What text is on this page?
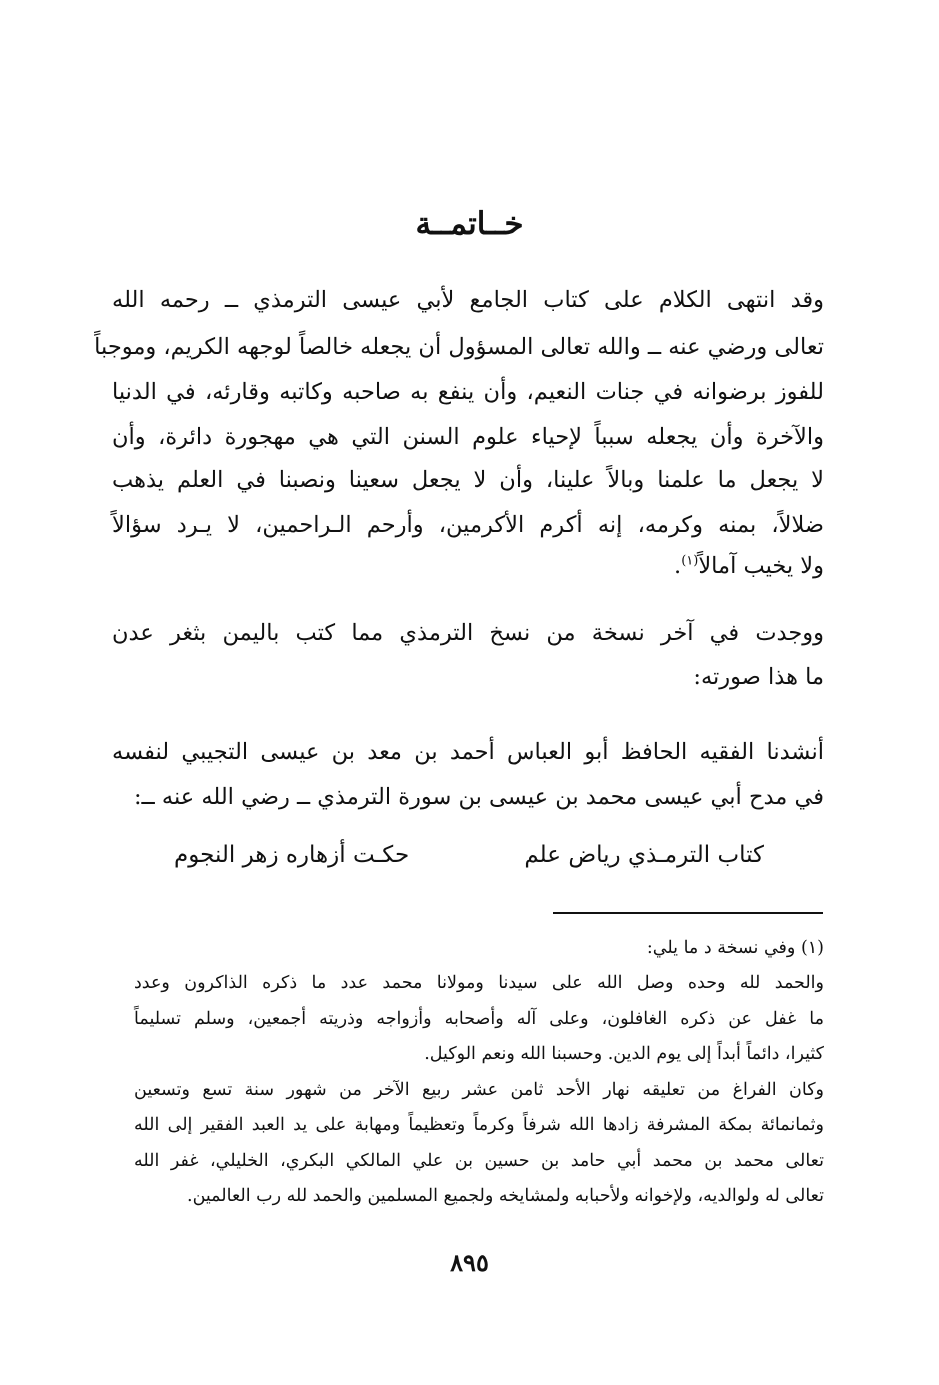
خــاتمــة
وقد انتهى الكلام على كتاب الجامع لأبي عيسى الترمذي ــ رحمه الله
تعالى ورضي عنه ــ والله تعالى المسؤول أن يجعله خالصاً لوجهه الكريم، وموجباً
للفوز برضوانه في جنات النعيم، وأن ينفع به صاحبه وكاتبه وقارئه، في الدنيا
والآخرة وأن يجعله سبباً لإحياء علوم السنن التي هي مهجورة دائرة، وأن
لا يجعل ما علمنا وبالاً علينا، وأن لا يجعل سعينا ونصبنا في العلم يذهب
ضلالاً، بمنه وكرمه، إنه أكرم الأكرمين، وأرحم الـراحمين، لا يـرد سؤالاً
ولا يخيب آمالاً$^{(١)}$.
ووجدت في آخر نسخة من نسخ الترمذي مما كتب باليمن بثغر عدن
ما هذا صورته:
أنشدنا الفقيه الحافظ أبو العباس أحمد بن معد بن عيسى التجيبي لنفسه
في مدح أبي عيسى محمد بن عيسى بن سورة الترمذي ــ رضي الله عنه ــ:
كتاب الترمـذي رياض علم
حكـت أزهاره زهر النجوم
(١) وفي نسخة د ما يلي:
والحمد لله وحده وصل الله على سيدنا ومولانا محمد عدد ما ذكره الذاكرون وعدد
ما غفل عن ذكره الغافلون، وعلى آله وأصحابه وأزواجه وذريته أجمعين، وسلم تسليماً
كثيرا، دائماً أبداً إلى يوم الدين. وحسبنا الله ونعم الوكيل.
وكان الفراغ من تعليقه نهار الأحد ثامن عشر ربيع الآخر من شهور سنة تسع وتسعين
وثمانمائة بمكة المشرفة زادها الله شرفاً وكرماً وتعظيماً ومهابة على يد العبد الفقير إلى الله
تعالى محمد بن محمد أبي حامد بن حسين بن علي المالكي البكري، الخليلي، غفر الله
تعالى له ولوالديه، ولإخوانه ولأحبابه ولمشايخه ولجميع المسلمين والحمد لله رب العالمين.
٨٩٥
